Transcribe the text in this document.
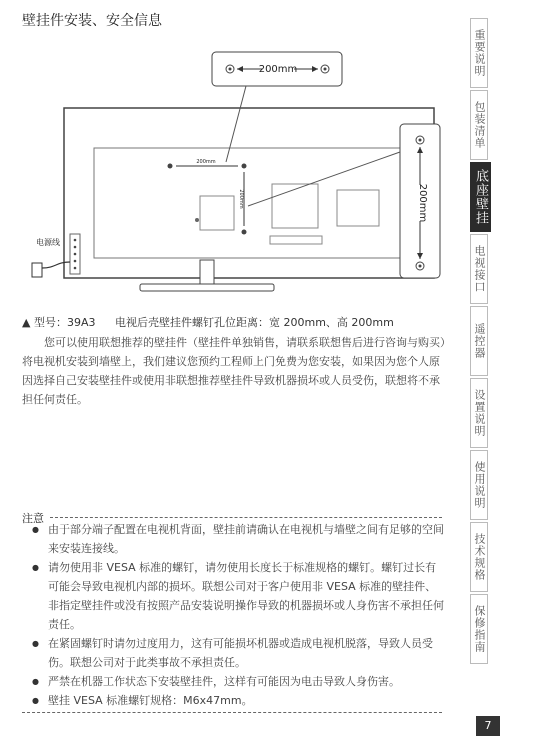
壁挂件安装、安全信息
200mm
200mm
电源线
200mm
200mm
▲ 型号：39A3 电视后壳壁挂件螺钉孔位距离：宽 200mm、高 200mm

您可以使用联想推荐的壁挂件（壁挂件单独销售，请联系联想售后进行咨询与购买）将电视机安装到墙壁上，我们建议您预约工程师上门免费为您安装，如果因为您个人原因选择自己安装壁挂件或使用非联想推荐壁挂件导致机器损坏或人员受伤，联想将不承担任何责任。

注意
● 由于部分端子配置在电视机背面，壁挂前请确认在电视机与墙壁之间有足够的空间来安装连接线。
● 请勿使用非 VESA 标准的螺钉，请勿使用长度长于标准规格的螺钉。螺钉过长有可能会导致电视机内部的损坏。联想公司对于客户使用非 VESA 标准的壁挂件、非指定壁挂件或没有按照产品安装说明操作导致的机器损坏或人身伤害不承担任何责任。
● 在紧固螺钉时请勿过度用力，这有可能损坏机器或造成电视机脱落，导致人员受伤。联想公司对于此类事故不承担责任。
● 严禁在机器工作状态下安装壁挂件，这样有可能因为电击导致人身伤害。
● 壁挂 VESA 标准螺钉规格：M6x47mm。
重要说明
包装清单
底座壁挂
电视接口
遥控器
设置说明
使用说明
技术规格
保修指南
7
